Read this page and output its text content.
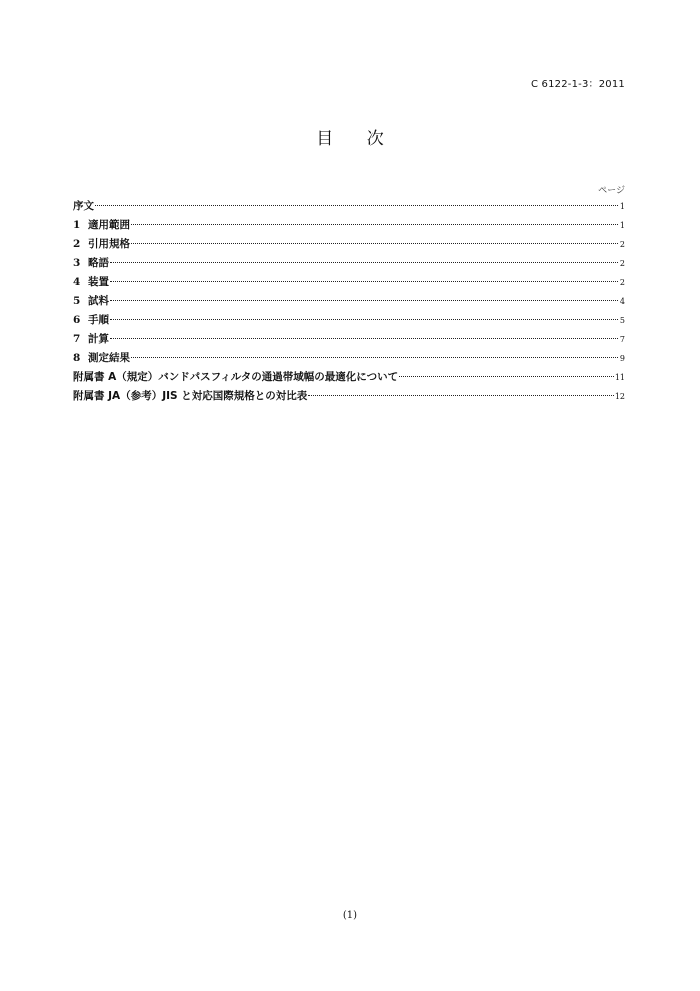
C 6122-1-3：2011
目 次
ページ
序文	1
1 適用範囲	1
2 引用規格	2
3 略語	2
4 装置	2
5 試料	4
6 手順	5
7 計算	7
8 測定結果	9
附属書 A（規定）バンドパスフィルタの通過帯域幅の最適化について	11
附属書 JA（参考）JIS と対応国際規格との対比表	12
(1)
